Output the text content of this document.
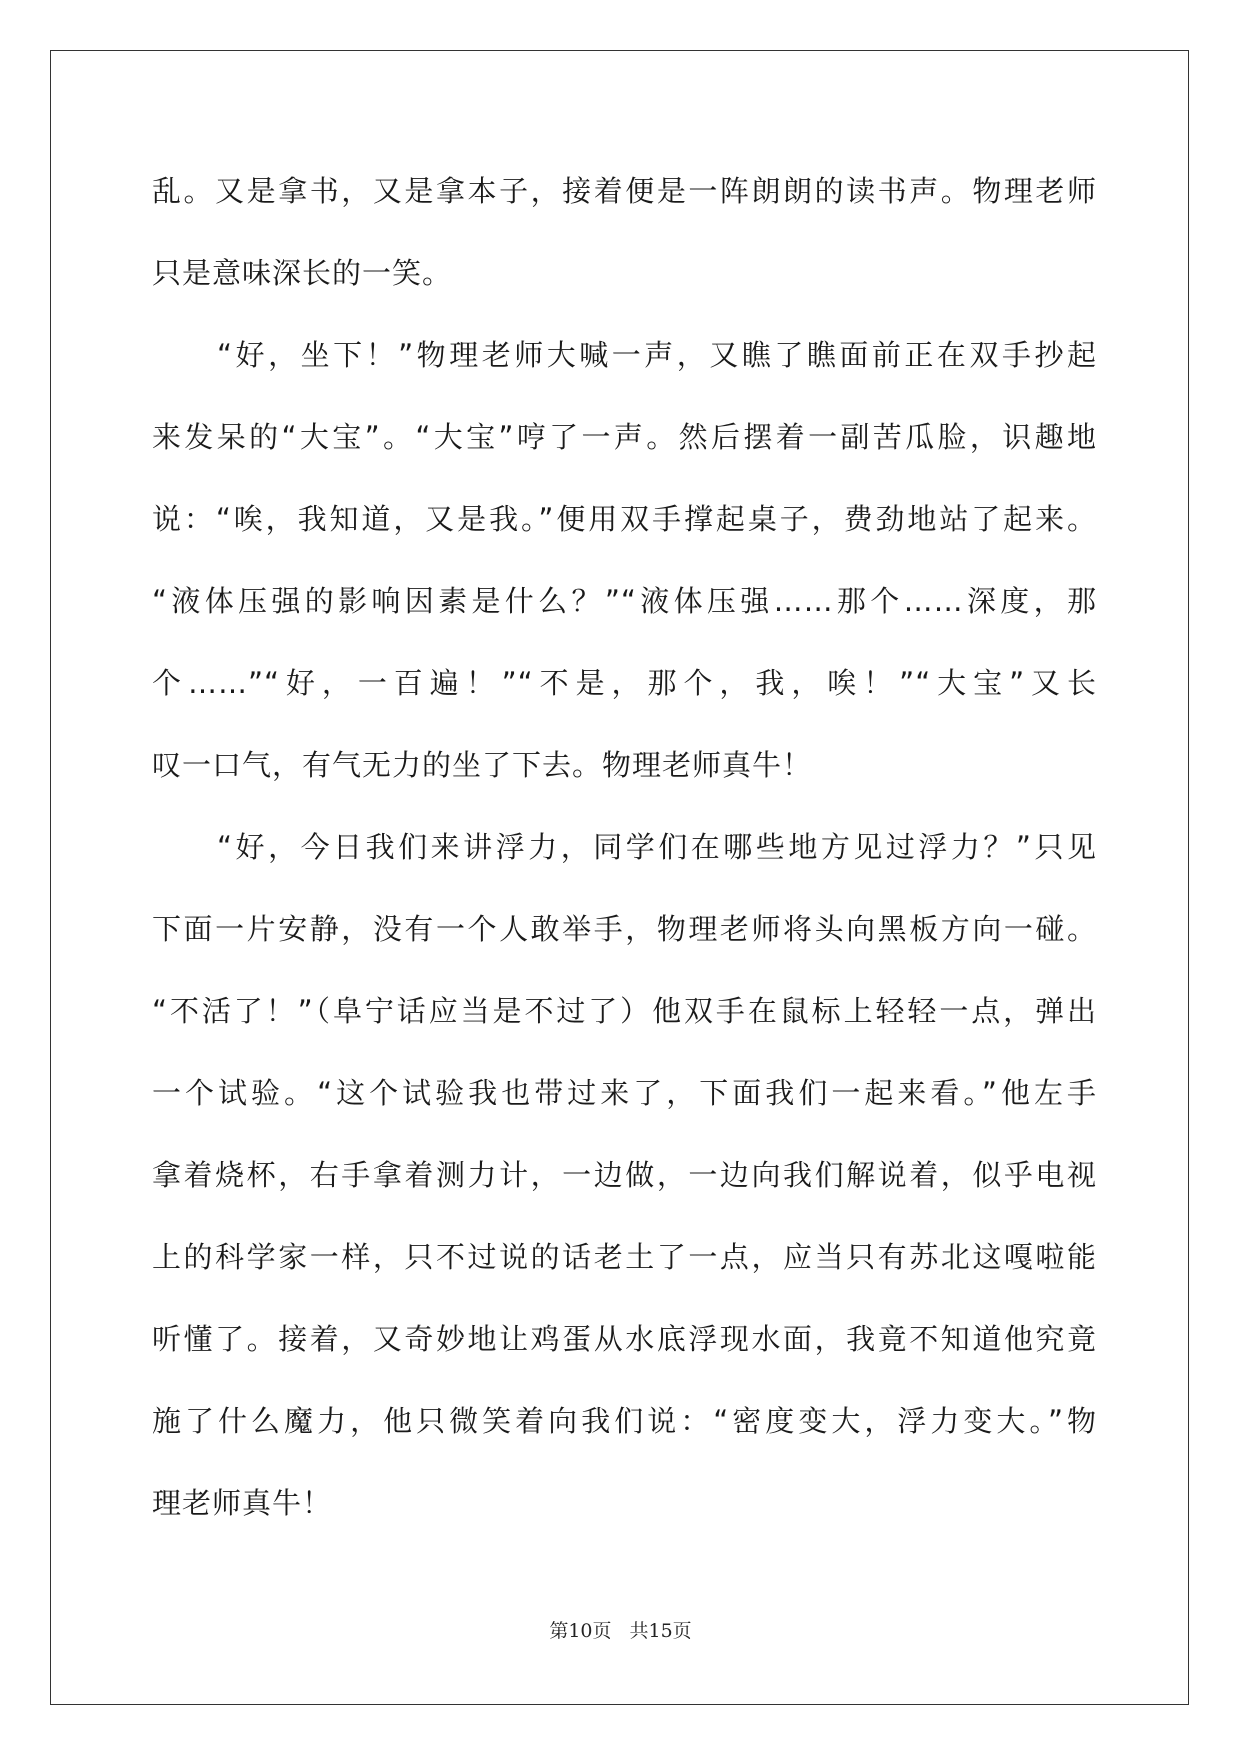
乱。又是拿书，又是拿本子，接着便是一阵朗朗的读书声。物理老师
只是意味深长的一笑。
　　“好，坐下！”物理老师大喊一声，又瞧了瞧面前正在双手抄起
来发呆的“大宝”。“大宝”哼了一声。然后摆着一副苦瓜脸，识趣地
说：“唉，我知道，又是我。”便用双手撑起桌子，费劲地站了起来。
“液体压强的影响因素是什么？”“液体压强……那个……深度，那
个……”“好，一百遍！”“不是，那个，我，唉！”“大宝”又长
叹一口气，有气无力的坐了下去。物理老师真牛！
　　“好，今日我们来讲浮力，同学们在哪些地方见过浮力？”只见
下面一片安静，没有一个人敢举手，物理老师将头向黑板方向一碰。
“不活了！”（阜宁话应当是不过了）他双手在鼠标上轻轻一点，弹出
一个试验。“这个试验我也带过来了，下面我们一起来看。”他左手
拿着烧杯，右手拿着测力计，一边做，一边向我们解说着，似乎电视
上的科学家一样，只不过说的话老土了一点，应当只有苏北这嘎啦能
听懂了。接着，又奇妙地让鸡蛋从水底浮现水面，我竟不知道他究竟
施了什么魔力，他只微笑着向我们说：“密度变大，浮力变大。”物
理老师真牛！
第10页 共15页
